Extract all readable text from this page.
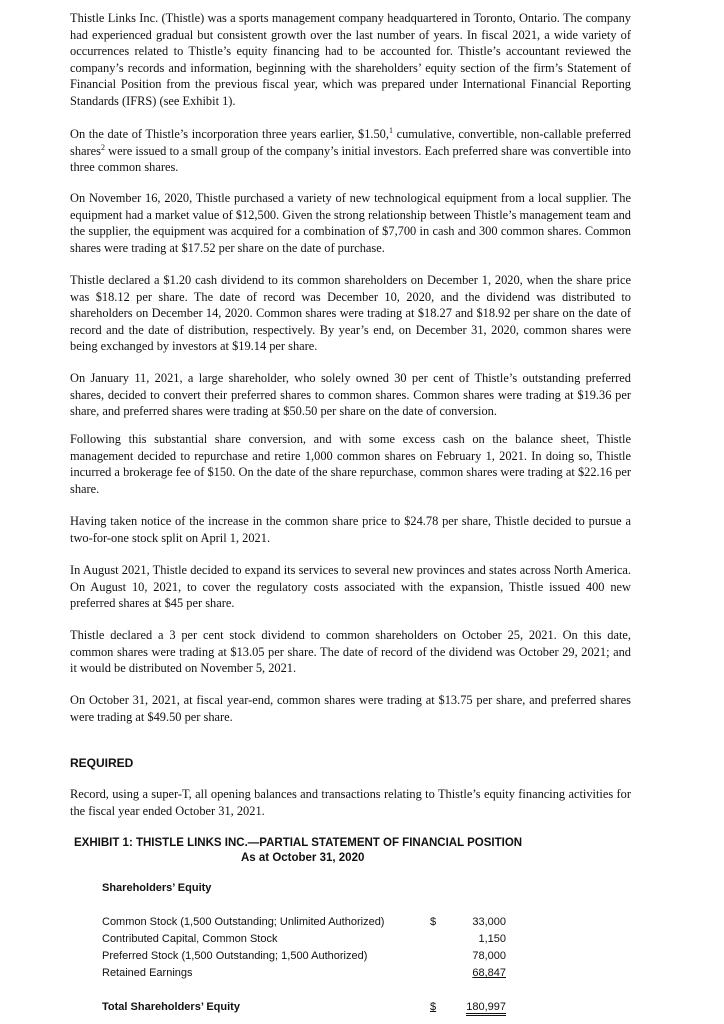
Thistle Links Inc. (Thistle) was a sports management company headquartered in Toronto, Ontario. The company had experienced gradual but consistent growth over the last number of years. In fiscal 2021, a wide variety of occurrences related to Thistle’s equity financing had to be accounted for. Thistle’s accountant reviewed the company’s records and information, beginning with the shareholders’ equity section of the firm’s Statement of Financial Position from the previous fiscal year, which was prepared under International Financial Reporting Standards (IFRS) (see Exhibit 1).

On the date of Thistle’s incorporation three years earlier, $1.50,$^1$ cumulative, convertible, non-callable preferred shares$^2$ were issued to a small group of the company’s initial investors. Each preferred share was convertible into three common shares.

On November 16, 2020, Thistle purchased a variety of new technological equipment from a local supplier. The equipment had a market value of $12,500. Given the strong relationship between Thistle’s management team and the supplier, the equipment was acquired for a combination of $7,700 in cash and 300 common shares. Common shares were trading at $17.52 per share on the date of purchase.

Thistle declared a $1.20 cash dividend to its common shareholders on December 1, 2020, when the share price was $18.12 per share. The date of record was December 10, 2020, and the dividend was distributed to shareholders on December 14, 2020. Common shares were trading at $18.27 and $18.92 per share on the date of record and the date of distribution, respectively. By year’s end, on December 31, 2020, common shares were being exchanged by investors at $19.14 per share.

On January 11, 2021, a large shareholder, who solely owned 30 per cent of Thistle’s outstanding preferred shares, decided to convert their preferred shares to common shares. Common shares were trading at $19.36 per share, and preferred shares were trading at $50.50 per share on the date of conversion.

Following this substantial share conversion, and with some excess cash on the balance sheet, Thistle management decided to repurchase and retire 1,000 common shares on February 1, 2021. In doing so, Thistle incurred a brokerage fee of $150. On the date of the share repurchase, common shares were trading at $22.16 per share.

Having taken notice of the increase in the common share price to $24.78 per share, Thistle decided to pursue a two-for-one stock split on April 1, 2021.

In August 2021, Thistle decided to expand its services to several new provinces and states across North America. On August 10, 2021, to cover the regulatory costs associated with the expansion, Thistle issued 400 new preferred shares at $45 per share.

Thistle declared a 3 per cent stock dividend to common shareholders on October 25, 2021. On this date, common shares were trading at $13.05 per share. The date of record of the dividend was October 29, 2021; and it would be distributed on November 5, 2021.

On October 31, 2021, at fiscal year-end, common shares were trading at $13.75 per share, and preferred shares were trading at $49.50 per share.

REQUIRED

Record, using a super-T, all opening balances and transactions relating to Thistle’s equity financing activities for the fiscal year ended October 31, 2021.

EXHIBIT 1: THISTLE LINKS INC.—PARTIAL STATEMENT OF FINANCIAL POSITION
As at October 31, 2020
Shareholders’ Equity
Common Stock (1,500 Outstanding; Unlimited Authorized)	$	33,000
Contributed Capital, Common Stock	1,150
Preferred Stock (1,500 Outstanding; 1,500 Authorized)	78,000
Retained Earnings	68,847
Total Shareholders’ Equity	$	180,997
